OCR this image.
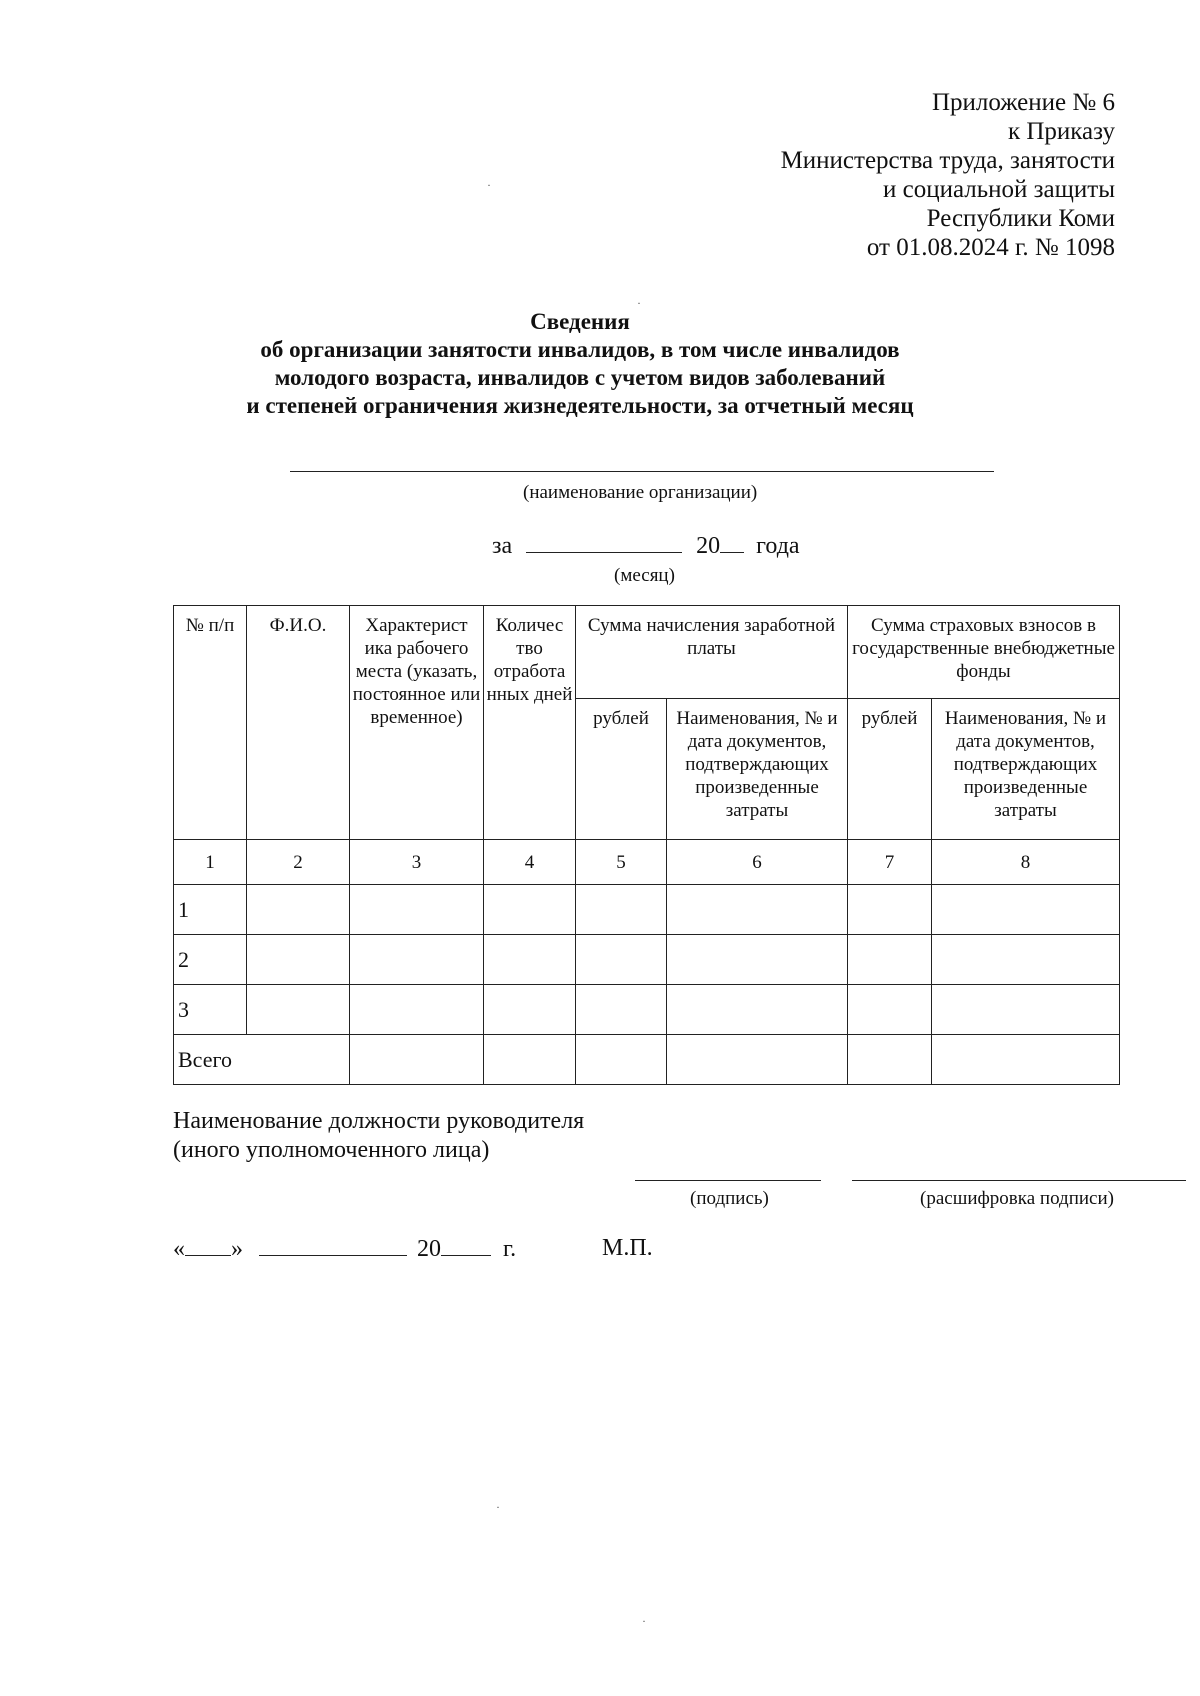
Приложение № 6
к Приказу
Министерства труда, занятости
и социальной защиты
Республики Коми
от 01.08.2024 г. № 1098
·
·
·
·
Сведения
об организации занятости инвалидов, в том числе инвалидов
молодого возраста, инвалидов с учетом видов заболеваний
и степеней ограничения жизнедеятельности, за отчетный месяц
(наименование организации)
за	20 года
(месяц)
№ п/п	Ф.И.О.	Характерист ика рабочего места (указать, постоянное или временное)	Количес тво отработа нных дней	Сумма начисления заработной платы		Сумма страховых взносов в государственные внебюджетные фонды	
				рублей	Наименования, № и дата документов, подтверждающих произведенные затраты	рублей	Наименования, № и дата документов, подтверждающих произведенные затраты
1	2	3	4	5	6	7	8
1							
2							
3							
Всего							
Наименование должности руководителя
(иного уполномоченного лица)
(подпись)	(расшифровка подписи)
« »	20	г.	М.П.
